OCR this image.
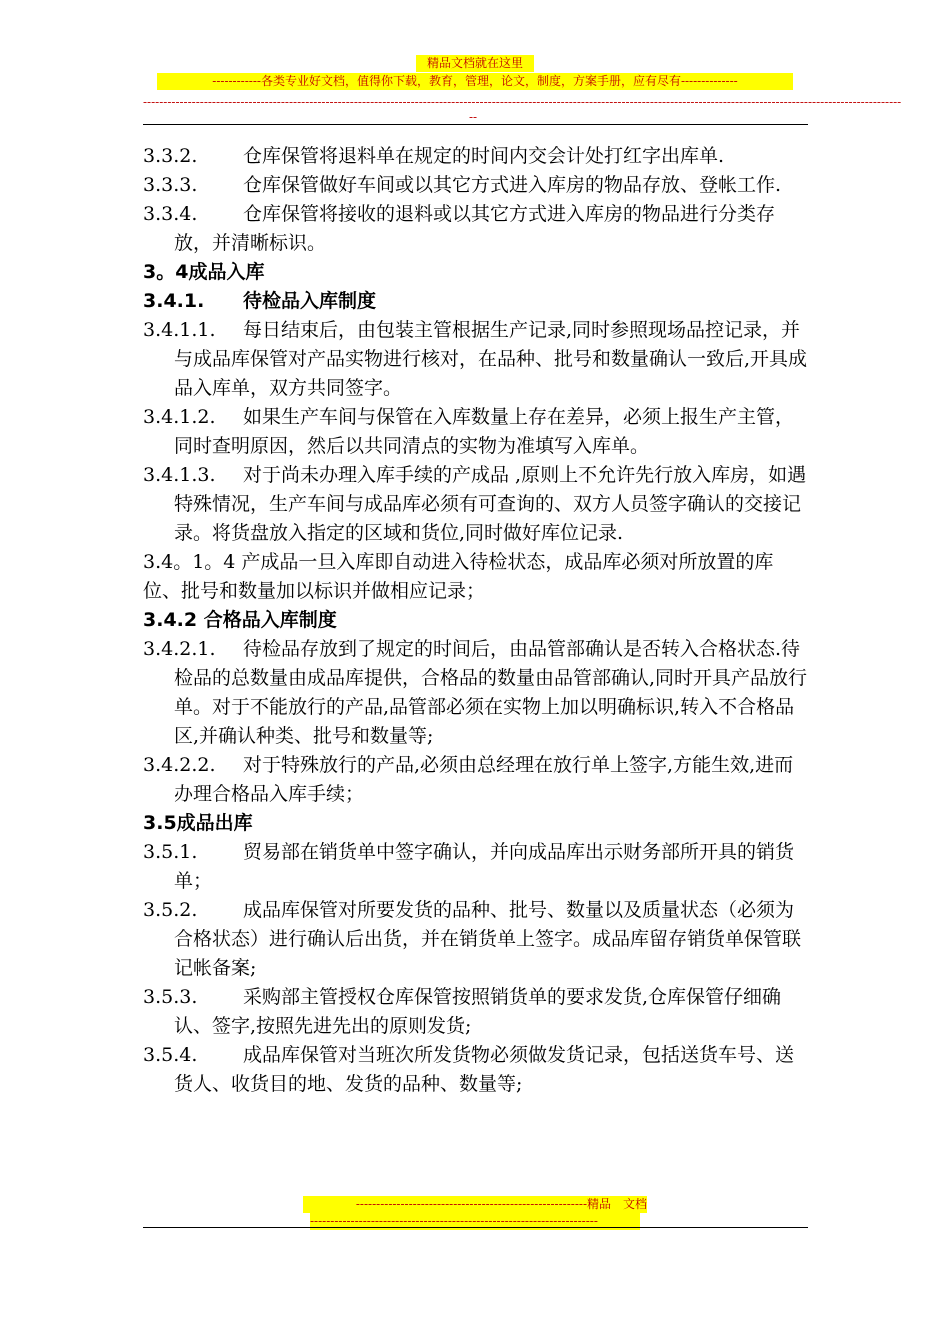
精品文档就在这里
------------各类专业好文档，值得你下载，教育，管理，论文，制度，方案手册，应有尽有--------------
-------------------------------------------------------------------------------------------------------------------------------------------------------------------------------------------
--

3.3.2. 仓库保管将退料单在规定的时间内交会计处打红字出库单.

3.3.3. 仓库保管做好车间或以其它方式进入库房的物品存放、登帐工作.

3.3.4. 仓库保管将接收的退料或以其它方式进入库房的物品进行分类存放，并清晰标识。

3。4成品入库

3.4.1. 待检品入库制度

3.4.1.1. 每日结束后，由包装主管根据生产记录,同时参照现场品控记录，并与成品库保管对产品实物进行核对，在品种、批号和数量确认一致后,开具成品入库单，双方共同签字。

3.4.1.2. 如果生产车间与保管在入库数量上存在差异，必须上报生产主管，同时查明原因，然后以共同清点的实物为准填写入库单。

3.4.1.3. 对于尚未办理入库手续的产成品 ,原则上不允许先行放入库房，如遇特殊情况，生产车间与成品库必须有可查询的、双方人员签字确认的交接记录。将货盘放入指定的区域和货位,同时做好库位记录.

3.4。1。4 产成品一旦入库即自动进入待检状态，成品库必须对所放置的库位、批号和数量加以标识并做相应记录；

3.4.2 合格品入库制度

3.4.2.1. 待检品存放到了规定的时间后，由品管部确认是否转入合格状态.待检品的总数量由成品库提供，合格品的数量由品管部确认,同时开具产品放行单。对于不能放行的产品,品管部必须在实物上加以明确标识,转入不合格品区,并确认种类、批号和数量等;

3.4.2.2. 对于特殊放行的产品,必须由总经理在放行单上签字,方能生效,进而办理合格品入库手续；

3.5成品出库

3.5.1. 贸易部在销货单中签字确认，并向成品库出示财务部所开具的销货单；

3.5.2. 成品库保管对所要发货的品种、批号、数量以及质量状态（必须为合格状态）进行确认后出货，并在销货单上签字。成品库留存销货单保管联记帐备案;

3.5.3. 采购部主管授权仓库保管按照销货单的要求发货,仓库保管仔细确认、签字,按照先进先出的原则发货;

3.5.4. 成品库保管对当班次所发货物必须做发货记录，包括送货车号、送货人、收货目的地、发货的品种、数量等;

---------------------------------------------------------精品　文档
-----------------------------------------------------------------------
